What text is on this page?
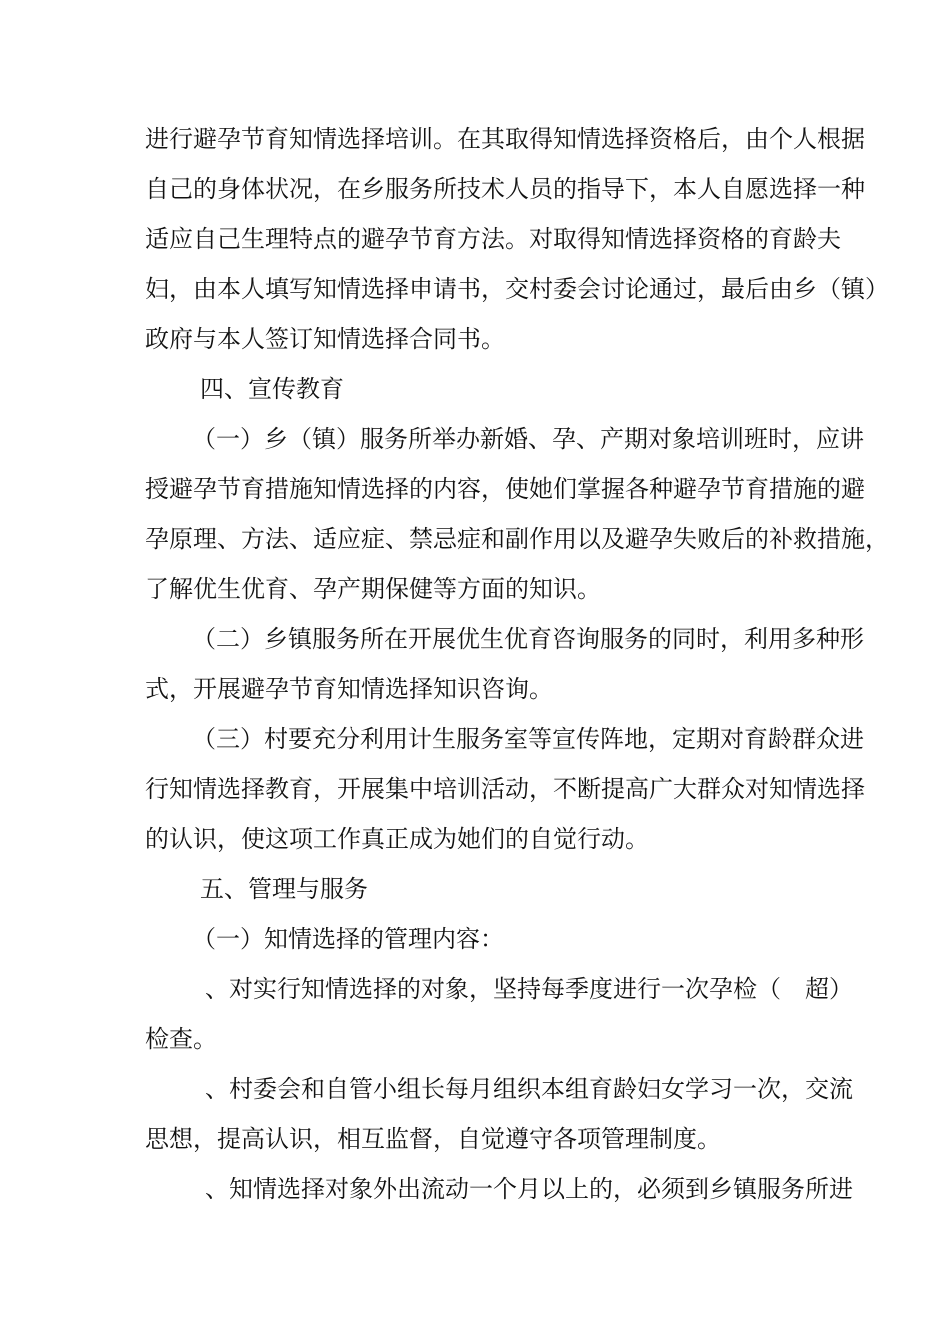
进行避孕节育知情选择培训。在其取得知情选择资格后，由个人根据
自己的身体状况，在乡服务所技术人员的指导下，本人自愿选择一种
适应自己生理特点的避孕节育方法。对取得知情选择资格的育龄夫
妇，由本人填写知情选择申请书，交村委会讨论通过，最后由乡（镇）
政府与本人签订知情选择合同书。
四、宣传教育
（一）乡（镇）服务所举办新婚、孕、产期对象培训班时，应讲
授避孕节育措施知情选择的内容，使她们掌握各种避孕节育措施的避
孕原理、方法、适应症、禁忌症和副作用以及避孕失败后的补救措施，
了解优生优育、孕产期保健等方面的知识。
（二）乡镇服务所在开展优生优育咨询服务的同时，利用多种形
式，开展避孕节育知情选择知识咨询。
（三）村要充分利用计生服务室等宣传阵地，定期对育龄群众进
行知情选择教育，开展集中培训活动，不断提高广大群众对知情选择
的认识，使这项工作真正成为她们的自觉行动。
五、管理与服务
（一）知情选择的管理内容：
、对实行知情选择的对象，坚持每季度进行一次孕检（　超）
检查。
、村委会和自管小组长每月组织本组育龄妇女学习一次，交流
思想，提高认识，相互监督，自觉遵守各项管理制度。
、知情选择对象外出流动一个月以上的，必须到乡镇服务所进
